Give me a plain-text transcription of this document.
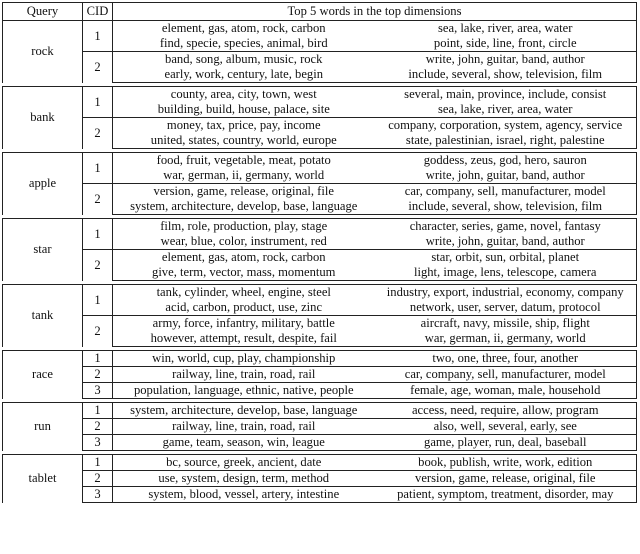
Query	CID	Top 5 words in the top dimensions	
rock	1	element, gas, atom, rock, carbon	sea, lake, river, area, water
		find, specie, species, animal, bird	point, side, line, front, circle
	2	band, song, album, music, rock	write, john, guitar, band, author
		early, work, century, late, begin	include, several, show, television, film

bank	1	county, area, city, town, west	several, main, province, include, consist
		building, build, house, palace, site	sea, lake, river, area, water
	2	money, tax, price, pay, income	company, corporation, system, agency, service
		united, states, country, world, europe	state, palestinian, israel, right, palestine

apple	1	food, fruit, vegetable, meat, potato	goddess, zeus, god, hero, sauron
		war, german, ii, germany, world	write, john, guitar, band, author
	2	version, game, release, original, file	car, company, sell, manufacturer, model
		system, architecture, develop, base, language	include, several, show, television, film

star	1	film, role, production, play, stage	character, series, game, novel, fantasy
		wear, blue, color, instrument, red	write, john, guitar, band, author
	2	element, gas, atom, rock, carbon	star, orbit, sun, orbital, planet
		give, term, vector, mass, momentum	light, image, lens, telescope, camera

tank	1	tank, cylinder, wheel, engine, steel	industry, export, industrial, economy, company
		acid, carbon, product, use, zinc	network, user, server, datum, protocol
	2	army, force, infantry, military, battle	aircraft, navy, missile, ship, flight
		however, attempt, result, despite, fail	war, german, ii, germany, world

race	1	win, world, cup, play, championship	two, one, three, four, another
	2	railway, line, train, road, rail	car, company, sell, manufacturer, model
	3	population, language, ethnic, native, people	female, age, woman, male, household

run	1	system, architecture, develop, base, language	access, need, require, allow, program
	2	railway, line, train, road, rail	also, well, several, early, see
	3	game, team, season, win, league	game, player, run, deal, baseball

tablet	1	bc, source, greek, ancient, date	book, publish, write, work, edition
	2	use, system, design, term, method	version, game, release, original, file
	3	system, blood, vessel, artery, intestine	patient, symptom, treatment, disorder, may
